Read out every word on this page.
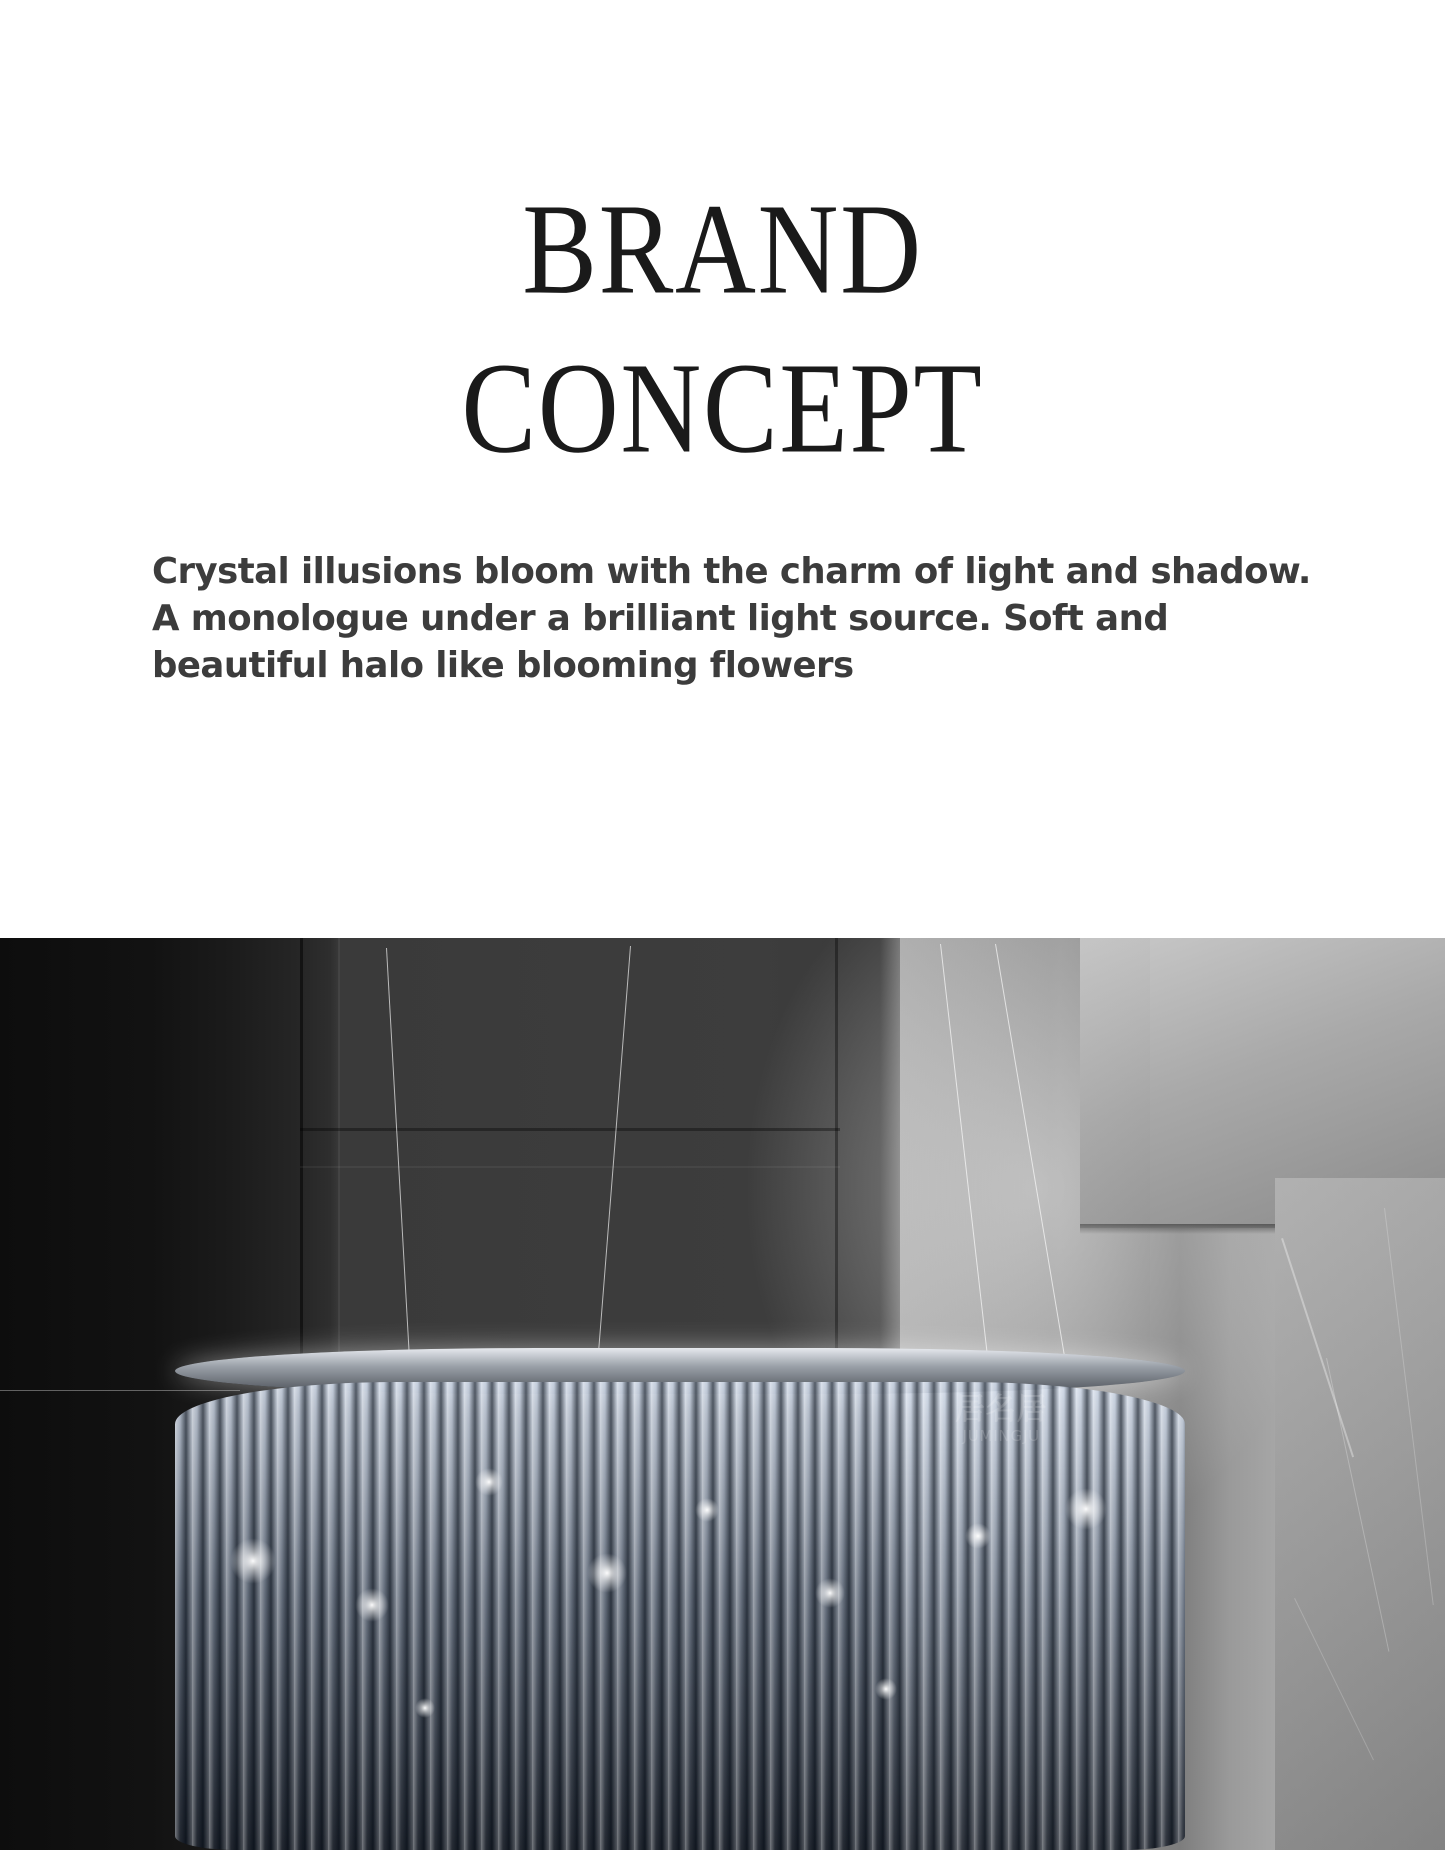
BRAND
CONCEPT
Crystal illusions bloom with the charm of light and shadow. A monologue under a brilliant light source. Soft and beautiful halo like blooming flowers
